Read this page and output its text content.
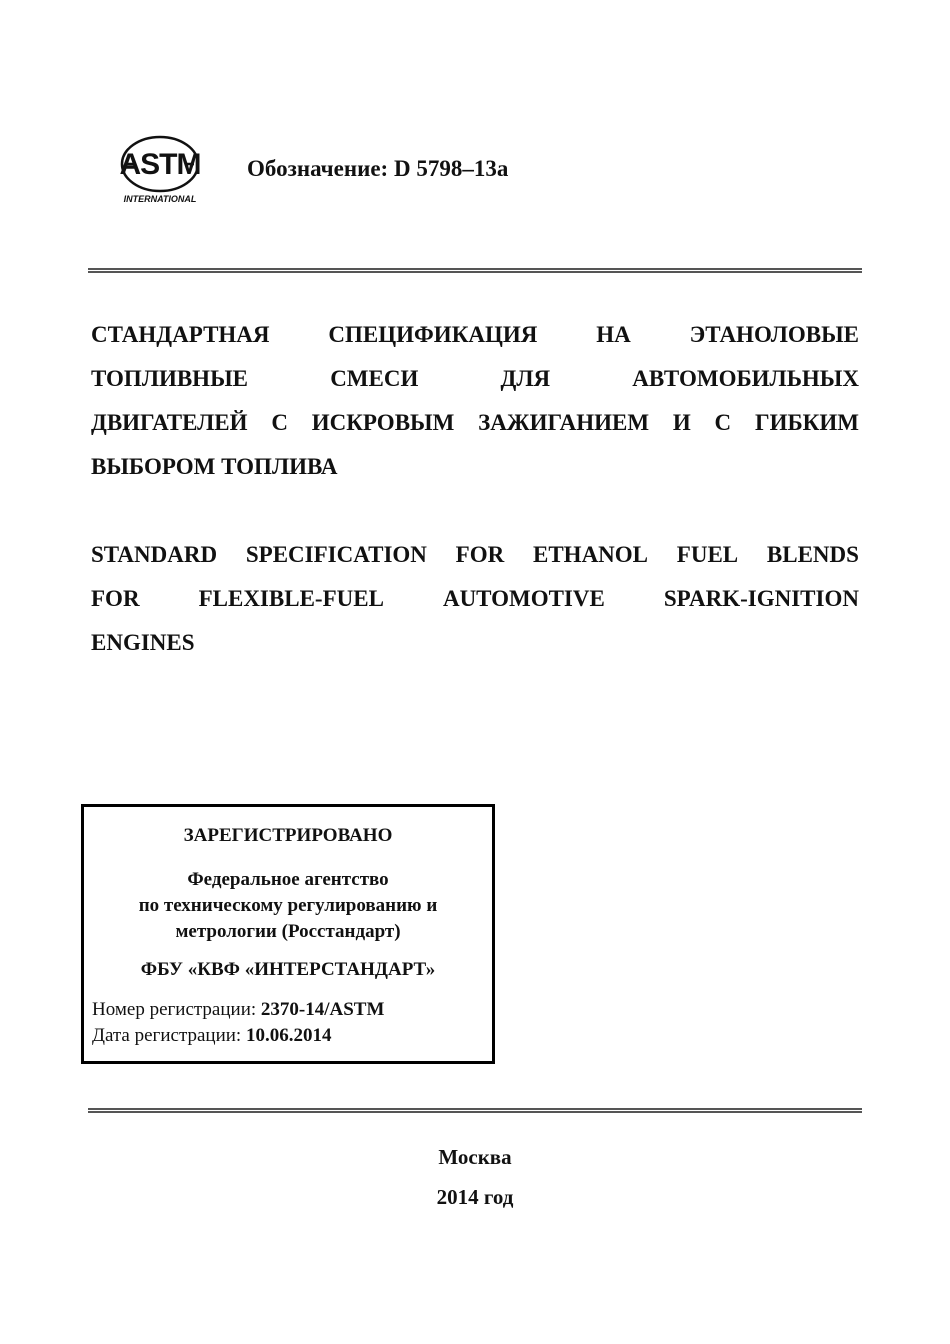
ASTM
INTERNATIONAL
Обозначение: D 5798–13a
СТАНДАРТНАЯ	СПЕЦИФИКАЦИЯ	НА	ЭТАНОЛОВЫЕ
ТОПЛИВНЫЕ	СМЕСИ	ДЛЯ	АВТОМОБИЛЬНЫХ
ДВИГАТЕЛЕЙ С ИСКРОВЫМ ЗАЖИГАНИЕМ И С ГИБКИМ
ВЫБОРОМ ТОПЛИВА
STANDARD SPECIFICATION FOR ETHANOL FUEL BLENDS
FOR	FLEXIBLE-FUEL	AUTOMOTIVE	SPARK-IGNITION
ENGINES
ЗАРЕГИСТРИРОВАНО
Федеральное агентство
по техническому регулированию и
метрологии (Росстандарт)
ФБУ «КВФ «ИНТЕРСТАНДАРТ»
Номер регистрации: 2370-14/ASTM
Дата регистрации: 10.06.2014
Москва
2014 год
